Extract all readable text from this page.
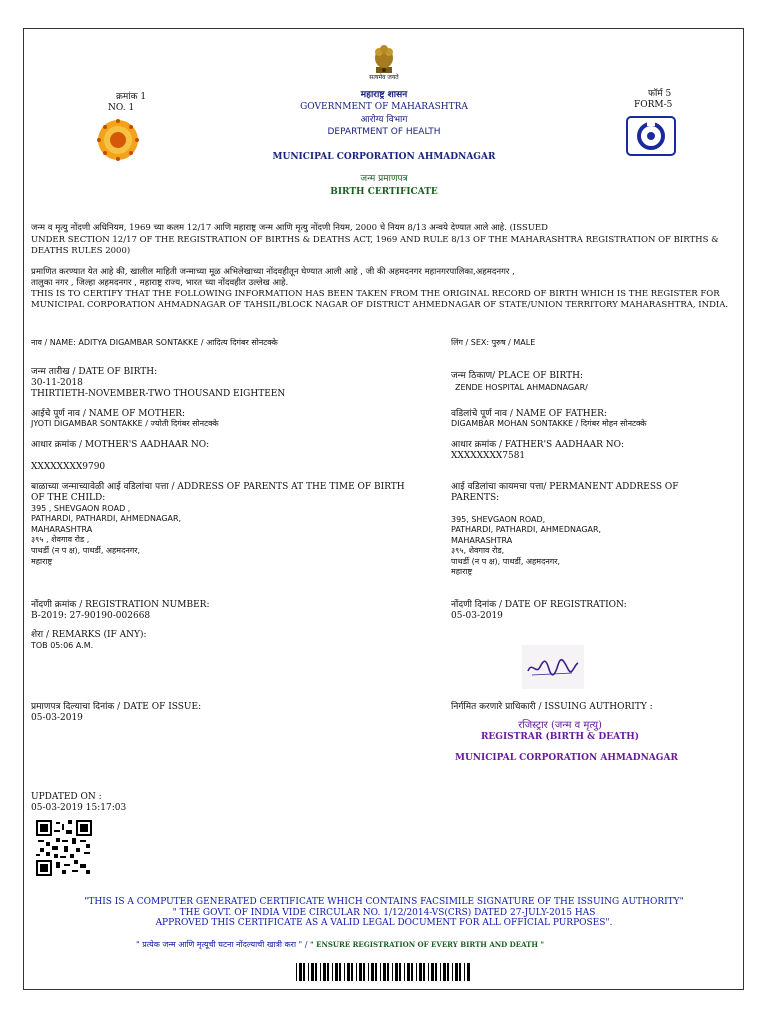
सत्यमेव जयते
क्रमांक 1
NO. 1
महाराष्ट्र शासन
GOVERNMENT OF MAHARASHTRA
आरोग्य विभाग
DEPARTMENT OF HEALTH
फॉर्म 5
FORM-5
MUNICIPAL CORPORATION AHMADNAGAR
जन्म प्रमाणपत्र
BIRTH CERTIFICATE
जन्म व मृत्यु नोंदणी अधिनियम, 1969 च्या कलम 12/17 आणि महाराष्ट्र जन्म आणि मृत्यु नोंदणी नियम, 2000 चे नियम 8/13 अन्वये देण्यात आले आहे. (ISSUED
UNDER SECTION 12/17 OF THE REGISTRATION OF BIRTHS & DEATHS ACT, 1969 AND RULE 8/13 OF THE MAHARASHTRA REGISTRATION OF BIRTHS &
DEATHS RULES 2000)
प्रमाणित करण्यात येत आहे की, खालील माहिती जन्माच्या मूळ अभिलेखाच्या नोंदवहीतून घेण्यात आली आहे , जी की अहमदनगर महानगरपालिका,अहमदनगर ,
तालुका नगर , जिल्हा अहमदनगर , महाराष्ट्र राज्य, भारत च्या नोंदवहीत उल्लेख आहे.
THIS IS TO CERTIFY THAT THE FOLLOWING INFORMATION HAS BEEN TAKEN FROM THE ORIGINAL RECORD OF BIRTH WHICH IS THE REGISTER FOR
MUNICIPAL CORPORATION AHMADNAGAR OF TAHSIL/BLOCK NAGAR OF DISTRICT AHMEDNAGAR OF STATE/UNION TERRITORY MAHARASHTRA, INDIA.
नाव / NAME: ADITYA DIGAMBAR SONTAKKE / आदित्य दिगंबर सोनटक्के
जन्म तारीख / DATE OF BIRTH:
30-11-2018
THIRTIETH-NOVEMBER-TWO THOUSAND EIGHTEEN
आईचे पूर्ण नाव / NAME OF MOTHER:
JYOTI DIGAMBAR SONTAKKE / ज्योती दिगंबर सोनटक्के
आधार क्रमांक / MOTHER'S AADHAAR NO:
XXXXXXXX9790
बाळाच्या जन्माच्यावेळी आई वडिलांचा पत्ता / ADDRESS OF PARENTS AT THE TIME OF BIRTH
OF THE CHILD:
395 , SHEVGAON ROAD ,
PATHARDI, PATHARDI, AHMEDNAGAR,
MAHARASHTRA
३९५ , शेवगाव रोड ,
पाथर्डी (न प क्ष), पाथर्डी, अहमदनगर,
महाराष्ट्र
नोंदणी क्रमांक / REGISTRATION NUMBER:
B-2019: 27-90190-002668
शेरा / REMARKS (IF ANY):
TOB 05:06 A.M.
प्रमाणपत्र दिल्याचा दिनांक / DATE OF ISSUE:
05-03-2019
UPDATED ON :
05-03-2019 15:17:03
लिंग / SEX: पुरुष / MALE
जन्म ठिकाण/ PLACE OF BIRTH:
ZENDE HOSPITAL AHMADNAGAR/
वडिलांचे पूर्ण नाव / NAME OF FATHER:
DIGAMBAR MOHAN SONTAKKE / दिगंबर मोहन सोनटक्के
आधार क्रमांक / FATHER'S AADHAAR NO:
XXXXXXXX7581
आई वडिलांचा कायमचा पत्ता/ PERMANENT ADDRESS OF
PARENTS:
395, SHEVGAON ROAD,
PATHARDI, PATHARDI, AHMEDNAGAR,
MAHARASHTRA
३९५, शेवगाव रोड,
पाथर्डी (न प क्ष), पाथर्डी, अहमदनगर,
महाराष्ट्र
नोंदणी दिनांक / DATE OF REGISTRATION:
05-03-2019
निर्गमित करणारे प्राधिकारी / ISSUING AUTHORITY :
रजिस्ट्रार (जन्म व मृत्यु)
REGISTRAR (BIRTH & DEATH)
MUNICIPAL CORPORATION AHMADNAGAR
"THIS IS A COMPUTER GENERATED CERTIFICATE WHICH CONTAINS FACSIMILE SIGNATURE OF THE ISSUING AUTHORITY"
" THE GOVT. OF INDIA VIDE CIRCULAR NO. 1/12/2014-VS(CRS) DATED 27-JULY-2015 HAS
APPROVED THIS CERTIFICATE AS A VALID LEGAL DOCUMENT FOR ALL OFFICIAL PURPOSES".
" प्रत्येक जन्म आणि मृत्यूची घटना नोंदल्याची खात्री करा " / " ENSURE REGISTRATION OF EVERY BIRTH AND DEATH "
